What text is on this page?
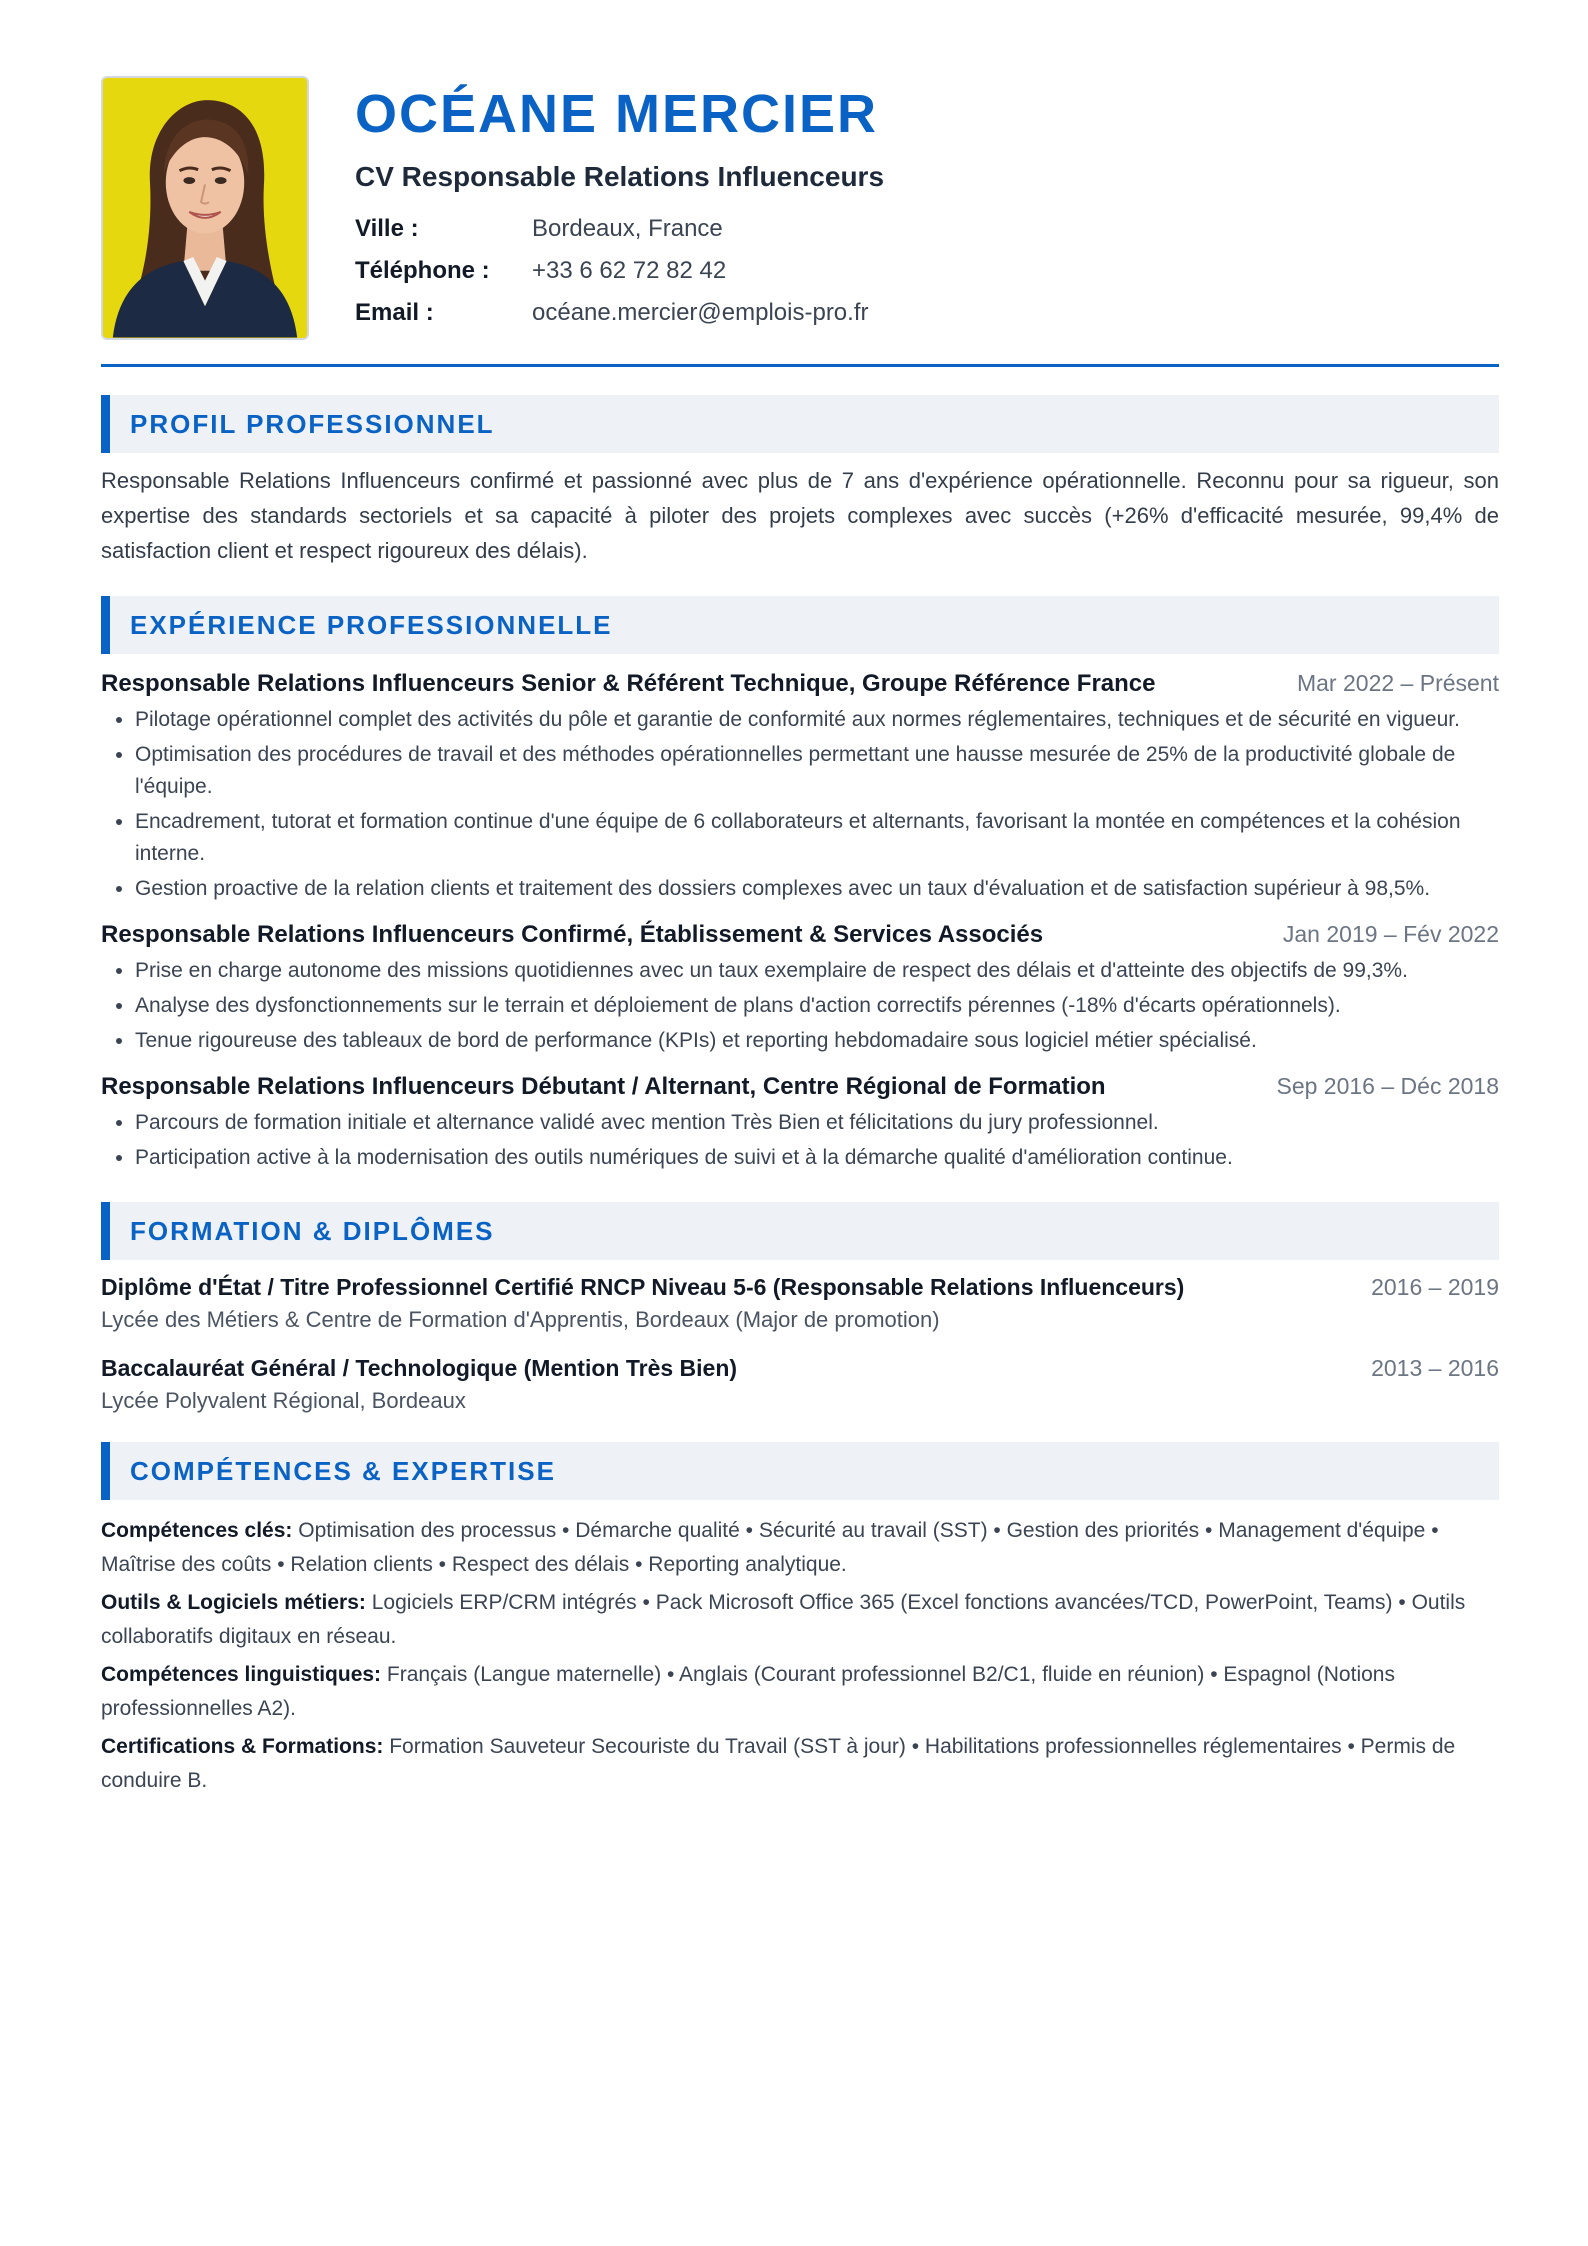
OCÉANE MERCIER
CV Responsable Relations Influenceurs
Ville :	Bordeaux, France
Téléphone :	+33 6 62 72 82 42
Email :	océane.mercier@emplois-pro.fr
PROFIL PROFESSIONNEL
Responsable Relations Influenceurs confirmé et passionné avec plus de 7 ans d'expérience opérationnelle. Reconnu pour sa rigueur, son expertise des standards sectoriels et sa capacité à piloter des projets complexes avec succès (+26% d'efficacité mesurée, 99,4% de satisfaction client et respect rigoureux des délais).
EXPÉRIENCE PROFESSIONNELLE
Responsable Relations Influenceurs Senior & Référent Technique, Groupe Référence France	Mar 2022 – Présent
• Pilotage opérationnel complet des activités du pôle et garantie de conformité aux normes réglementaires, techniques et de sécurité en vigueur.
• Optimisation des procédures de travail et des méthodes opérationnelles permettant une hausse mesurée de 25% de la productivité globale de l'équipe.
• Encadrement, tutorat et formation continue d'une équipe de 6 collaborateurs et alternants, favorisant la montée en compétences et la cohésion interne.
• Gestion proactive de la relation clients et traitement des dossiers complexes avec un taux d'évaluation et de satisfaction supérieur à 98,5%.
Responsable Relations Influenceurs Confirmé, Établissement & Services Associés	Jan 2019 – Fév 2022
• Prise en charge autonome des missions quotidiennes avec un taux exemplaire de respect des délais et d'atteinte des objectifs de 99,3%.
• Analyse des dysfonctionnements sur le terrain et déploiement de plans d'action correctifs pérennes (-18% d'écarts opérationnels).
• Tenue rigoureuse des tableaux de bord de performance (KPIs) et reporting hebdomadaire sous logiciel métier spécialisé.
Responsable Relations Influenceurs Débutant / Alternant, Centre Régional de Formation	Sep 2016 – Déc 2018
• Parcours de formation initiale et alternance validé avec mention Très Bien et félicitations du jury professionnel.
• Participation active à la modernisation des outils numériques de suivi et à la démarche qualité d'amélioration continue.
FORMATION & DIPLÔMES
Diplôme d'État / Titre Professionnel Certifié RNCP Niveau 5-6 (Responsable Relations Influenceurs)	2016 – 2019
Lycée des Métiers & Centre de Formation d'Apprentis, Bordeaux (Major de promotion)
Baccalauréat Général / Technologique (Mention Très Bien)	2013 – 2016
Lycée Polyvalent Régional, Bordeaux
COMPÉTENCES & EXPERTISE
Compétences clés: Optimisation des processus • Démarche qualité • Sécurité au travail (SST) • Gestion des priorités • Management d'équipe • Maîtrise des coûts • Relation clients • Respect des délais • Reporting analytique.
Outils & Logiciels métiers: Logiciels ERP/CRM intégrés • Pack Microsoft Office 365 (Excel fonctions avancées/TCD, PowerPoint, Teams) • Outils collaboratifs digitaux en réseau.
Compétences linguistiques: Français (Langue maternelle) • Anglais (Courant professionnel B2/C1, fluide en réunion) • Espagnol (Notions professionnelles A2).
Certifications & Formations: Formation Sauveteur Secouriste du Travail (SST à jour) • Habilitations professionnelles réglementaires • Permis de conduire B.
